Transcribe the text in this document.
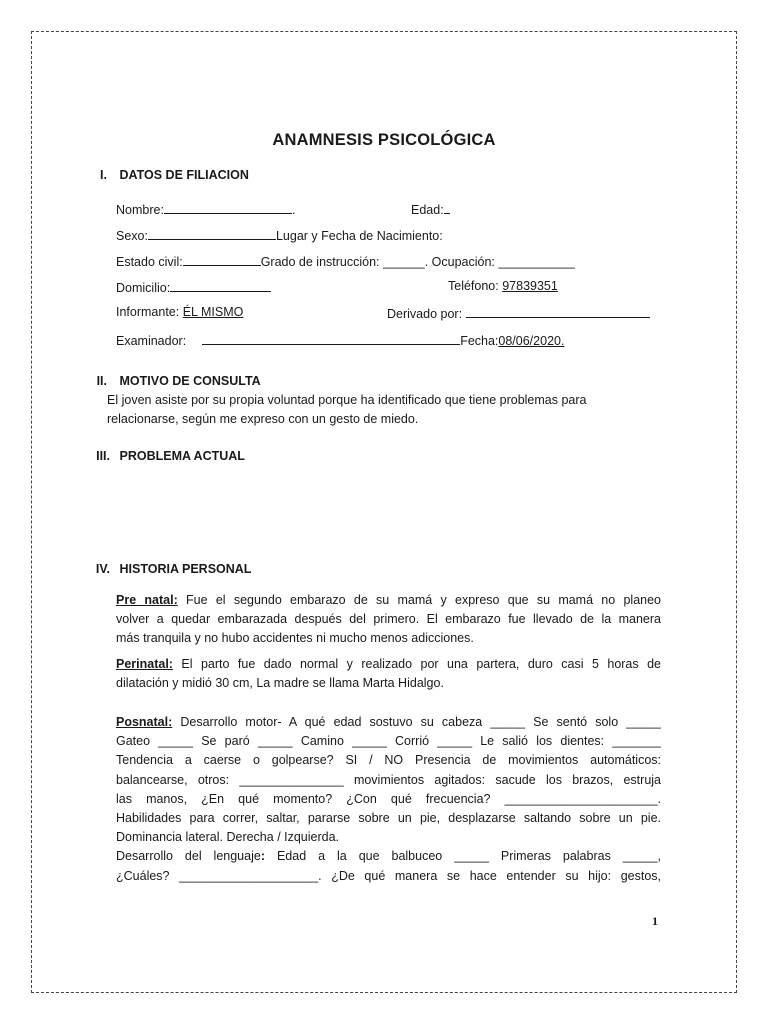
ANAMNESIS PSICOLÓGICA
I. DATOS DE FILIACION
Nombre:	.	Edad:
Sexo:	Lugar y Fecha de Nacimiento:
Estado civil:	Grado de instrucción: ______. Ocupación: ___________
Domicilio:	Teléfono: 97839351
Informante: ÉL MISMO	Derivado por:
Examinador:	Fecha:08/06/2020.
II. MOTIVO DE CONSULTA
El joven asiste por su propia voluntad porque ha identificado que tiene problemas para
relacionarse, según me expreso con un gesto de miedo.
III. PROBLEMA ACTUAL
IV. HISTORIA PERSONAL
Pre natal: Fue el segundo embarazo de su mamá y expreso que su mamá no planeo
volver a quedar embarazada después del primero. El embarazo fue llevado de la manera
más tranquila y no hubo accidentes ni mucho menos adicciones.
Perinatal: El parto fue dado normal y realizado por una partera, duro casi 5 horas de
dilatación y midió 30 cm, La madre se llama Marta Hidalgo.
Posnatal: Desarrollo motor- A qué edad sostuvo su cabeza _____ Se sentó solo _____
Gateo _____ Se paró _____ Camino _____ Corrió _____ Le salió los dientes: _______
Tendencia a caerse o golpearse? SI / NO Presencia de movimientos automáticos:
balancearse, otros: _______________ movimientos agitados: sacude los brazos, estruja
las manos, ¿En qué momento? ¿Con qué frecuencia? ______________________.
Habilidades para correr, saltar, pararse sobre un pie, desplazarse saltando sobre un pie.
Dominancia lateral. Derecha / Izquierda.
Desarrollo del lenguaje: Edad a la que balbuceo _____ Primeras palabras _____,
¿Cuáles? ____________________. ¿De qué manera se hace entender su hijo: gestos,
1
